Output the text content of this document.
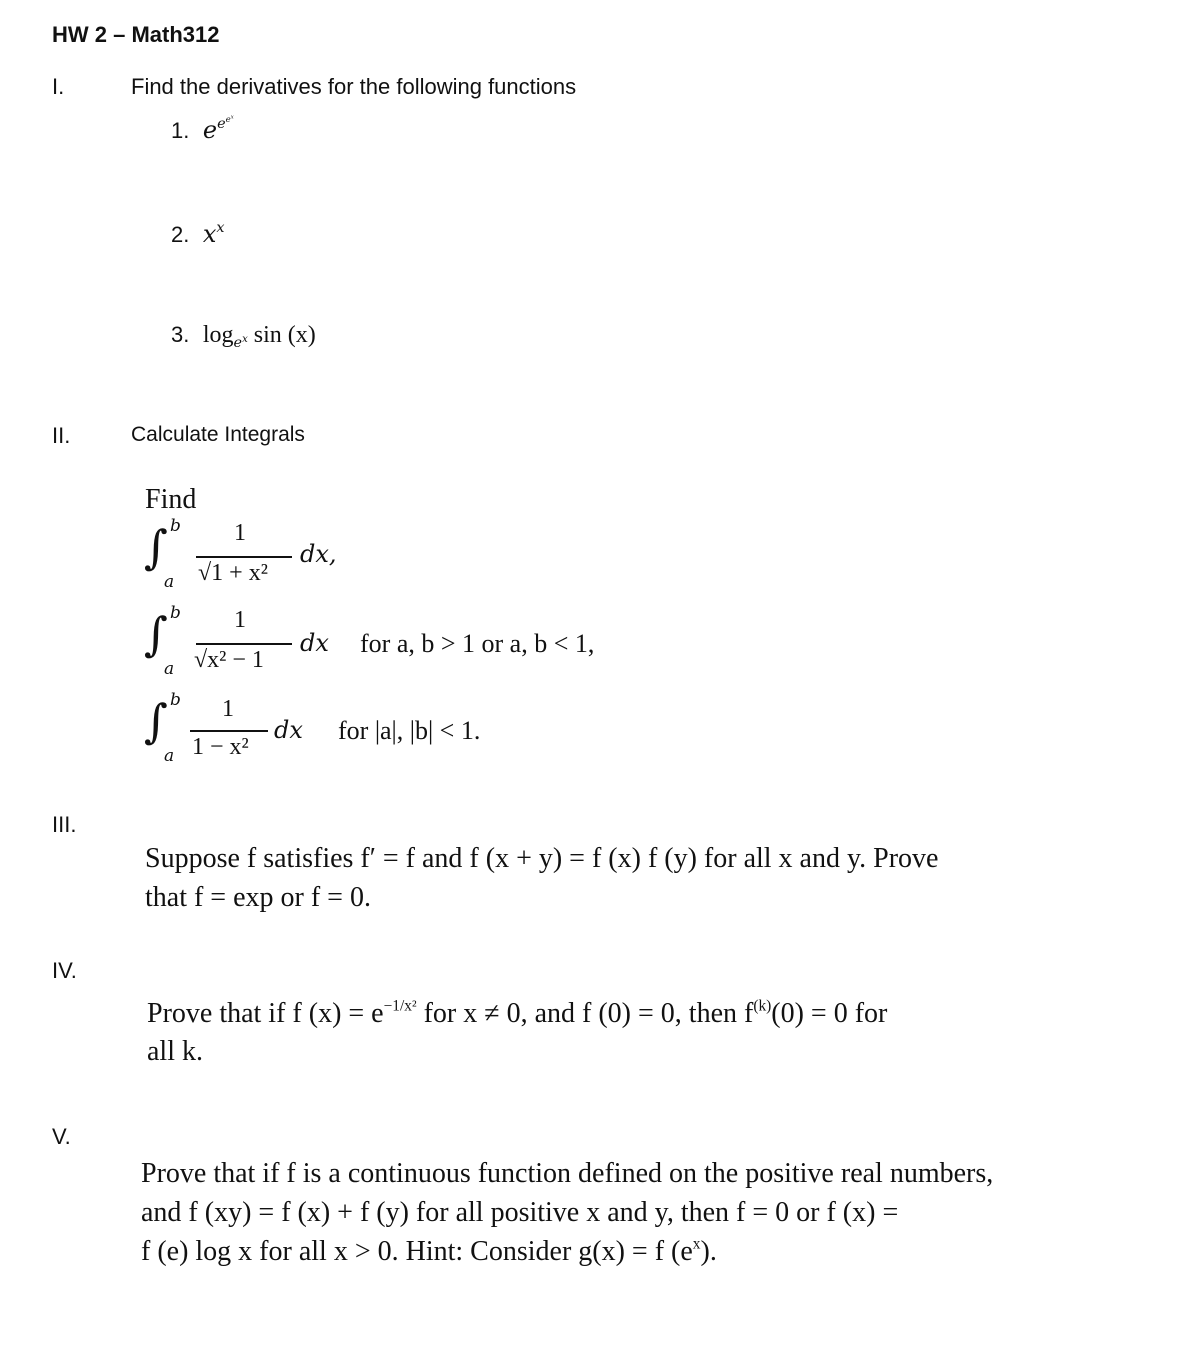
HW 2 – Math312
I.	Find the derivatives for the following functions
1. $e^{e^{e^x}}$
2. $x^x$
3. $\log_{e^x} \sin (x)$
II.	Calculate Integrals
Find
∫ b
a
1
√1 + x²
dx,
∫ b
a
1
√x² − 1
dx for a, b > 1 or a, b < 1,
∫ b
a
1
1 − x²
dx for |a|, |b| < 1.
III.
Suppose f satisfies f′ = f and f (x + y) = f (x) f (y) for all x and y. Prove
that f = exp or f = 0.
IV.
Prove that if f $(x) = e^{-1/x^2}$ for x ≠ 0, and f (0) = 0, then $f^{(k)}(0) = 0$ for
all k.
V.
Prove that if f is a continuous function defined on the positive real numbers,
and f (xy) = f (x) + f (y) for all positive x and y, then f = 0 or f (x) =
f (e) log x for all x > 0. Hint: Consider g(x) = f $(e^x)$.
